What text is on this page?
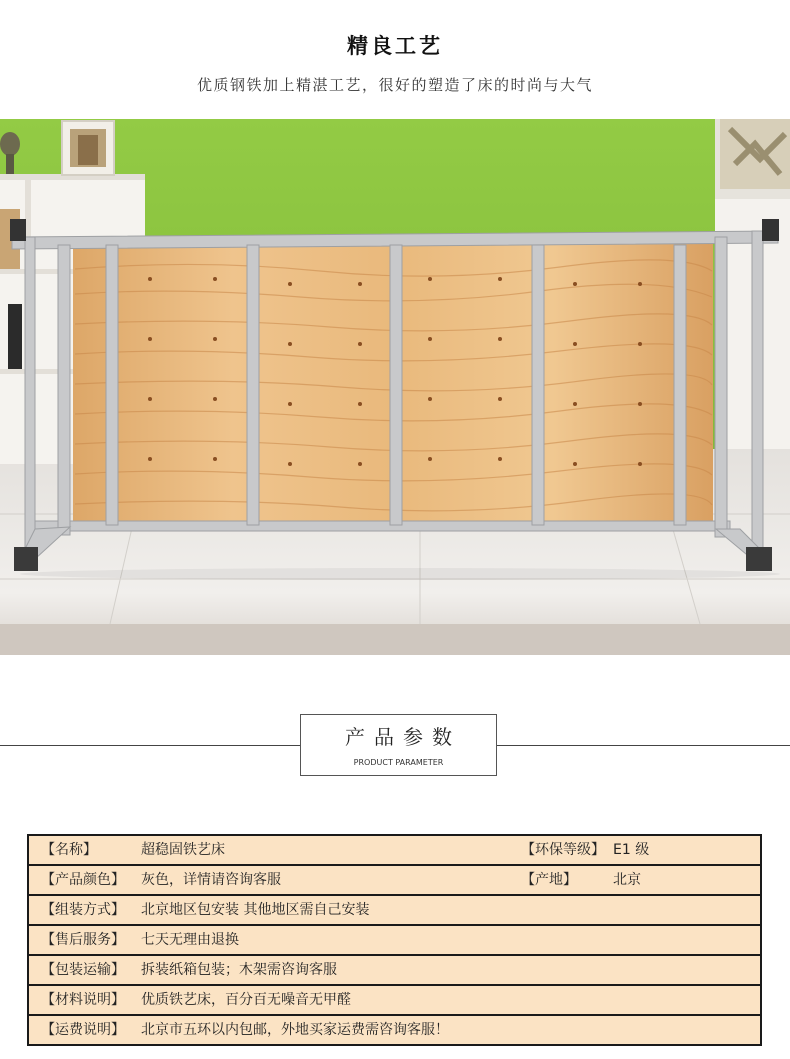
精良工艺
优质钢铁加上精湛工艺，很好的塑造了床的时尚与大气
产品参数
PRODUCT PARAMETER
【名称】	超稳固铁艺床	【环保等级】 E1 级
【产品颜色】 灰色，详情请咨询客服	【产地】	北京
【组装方式】 北京地区包安装 其他地区需自己安装
【售后服务】 七天无理由退换
【包装运输】 拆装纸箱包装；木架需咨询客服
【材料说明】 优质铁艺床，百分百无噪音无甲醛
【运费说明】 北京市五环以内包邮，外地买家运费需咨询客服！
